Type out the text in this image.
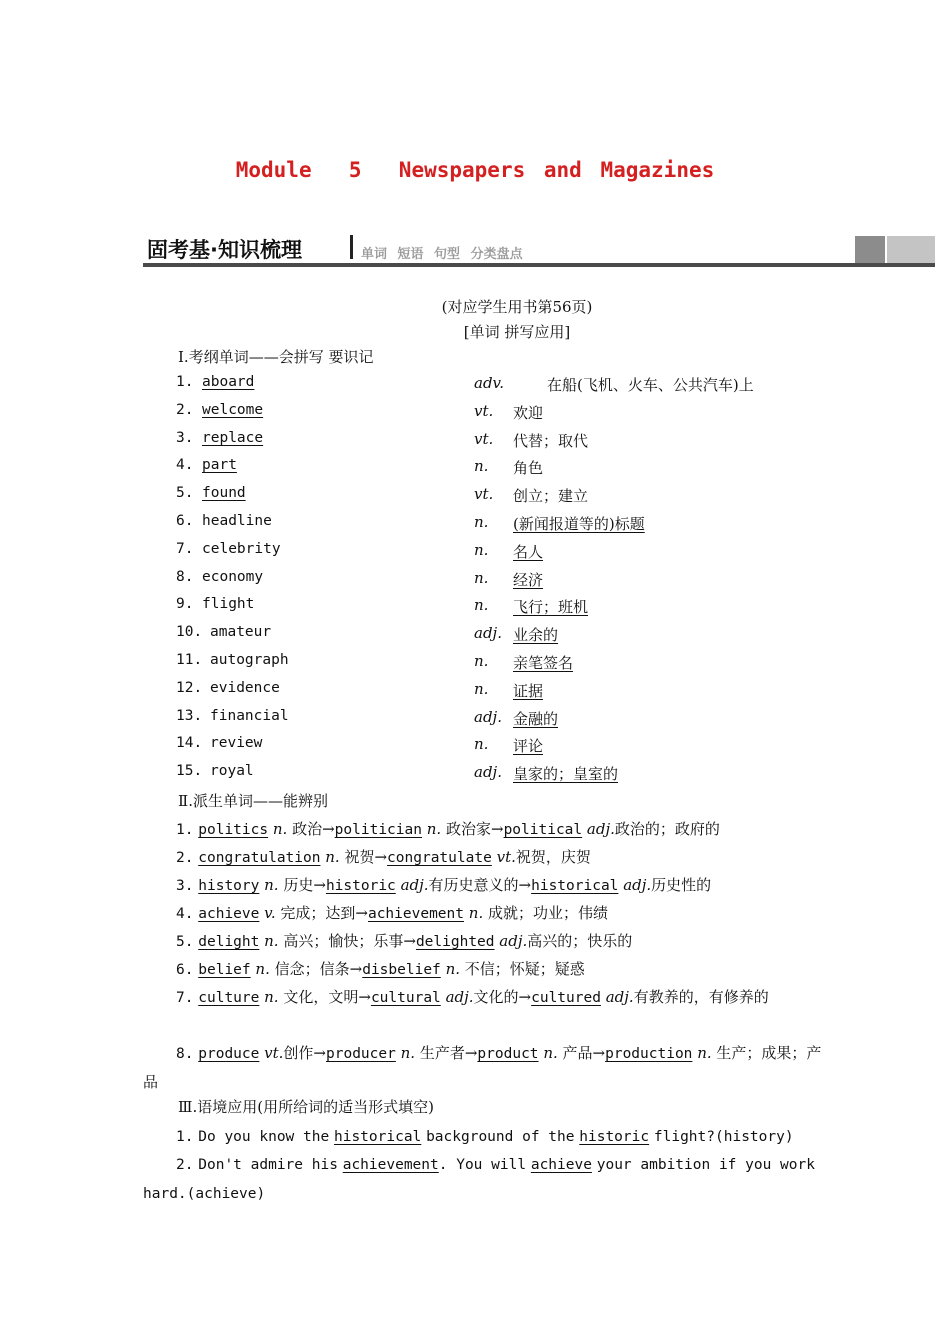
Module  5  Newspapers and Magazines
固考基·知识梳理	单词 短语 句型 分类盘点
(对应学生用书第56页)
[单词 拼写应用]
Ⅰ.考纲单词——会拼写 要识记
1. aboard	adv.	在船(飞机、火车、公共汽车)上
2. welcome	vt. 欢迎
3. replace	vt. 代替；取代
4. part	n. 角色
5. found	vt. 创立；建立
6. headline	n. (新闻报道等的)标题
7. celebrity	n. 名人
8. economy	n. 经济
9. flight	n. 飞行；班机
10. amateur	adj. 业余的
11. autograph	n. 亲笔签名
12. evidence	n. 证据
13. financial	adj. 金融的
14. review	n. 评论
15. royal	adj. 皇家的；皇室的
Ⅱ.派生单词——能辨别
1. politics n. 政治→politician n. 政治家→political adj.政治的；政府的
2. congratulation n. 祝贺→congratulate vt.祝贺，庆贺
3. history n. 历史→historic adj.有历史意义的→historical adj.历史性的
4. achieve v. 完成；达到→achievement n. 成就；功业；伟绩
5. delight n. 高兴；愉快；乐事→delighted adj.高兴的；快乐的
6. belief n. 信念；信条→disbelief n. 不信；怀疑；疑惑
7. culture n. 文化，文明→cultural adj.文化的→cultured adj.有教养的，有修养的
8. produce vt.创作→producer n. 生产者→product n. 产品→production n. 生产；成果；产品
Ⅲ.语境应用(用所给词的适当形式填空)
1. Do you know the historical background of the historic flight?(history)
2. Don't admire his achievement. You will achieve your ambition if you work hard.(achieve)
